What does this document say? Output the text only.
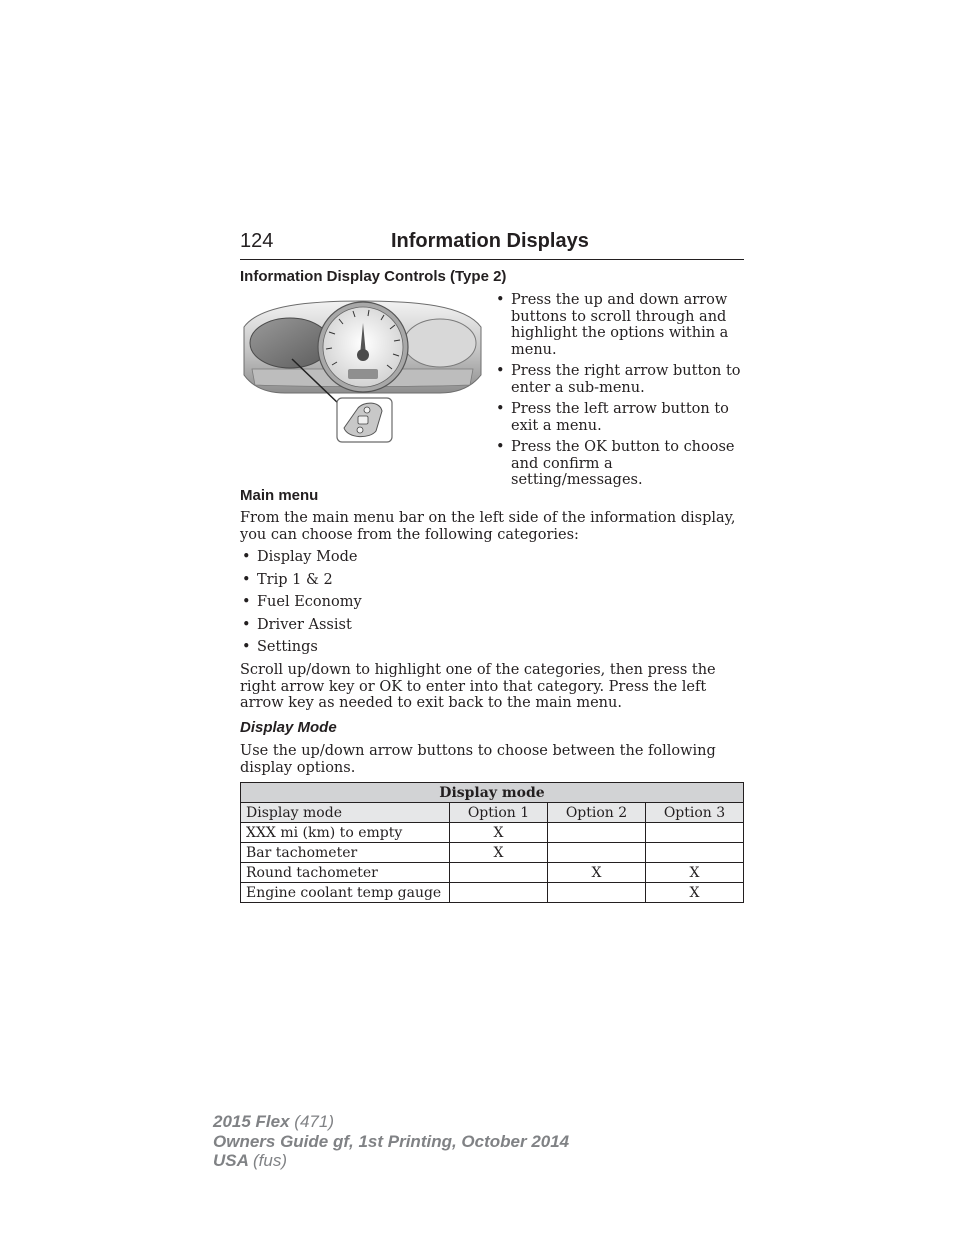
124	Information Displays
Information Display Controls (Type 2)
• Press the up and down arrow buttons to scroll through and highlight the options within a menu.
• Press the right arrow button to enter a sub-menu.
• Press the left arrow button to exit a menu.
• Press the OK button to choose and confirm a setting/messages.
Main menu
From the main menu bar on the left side of the information display, you can choose from the following categories:
• Display Mode
• Trip 1 & 2
• Fuel Economy
• Driver Assist
• Settings
Scroll up/down to highlight one of the categories, then press the right arrow key or OK to enter into that category. Press the left arrow key as needed to exit back to the main menu.
Display Mode
Use the up/down arrow buttons to choose between the following display options.
Display mode			
Display mode	Option 1	Option 2	Option 3
XXX mi (km) to empty	X		
Bar tachometer	X		
Round tachometer		X	X
Engine coolant temp gauge			X
2015 Flex (471)
Owners Guide gf, 1st Printing, October 2014
USA (fus)
